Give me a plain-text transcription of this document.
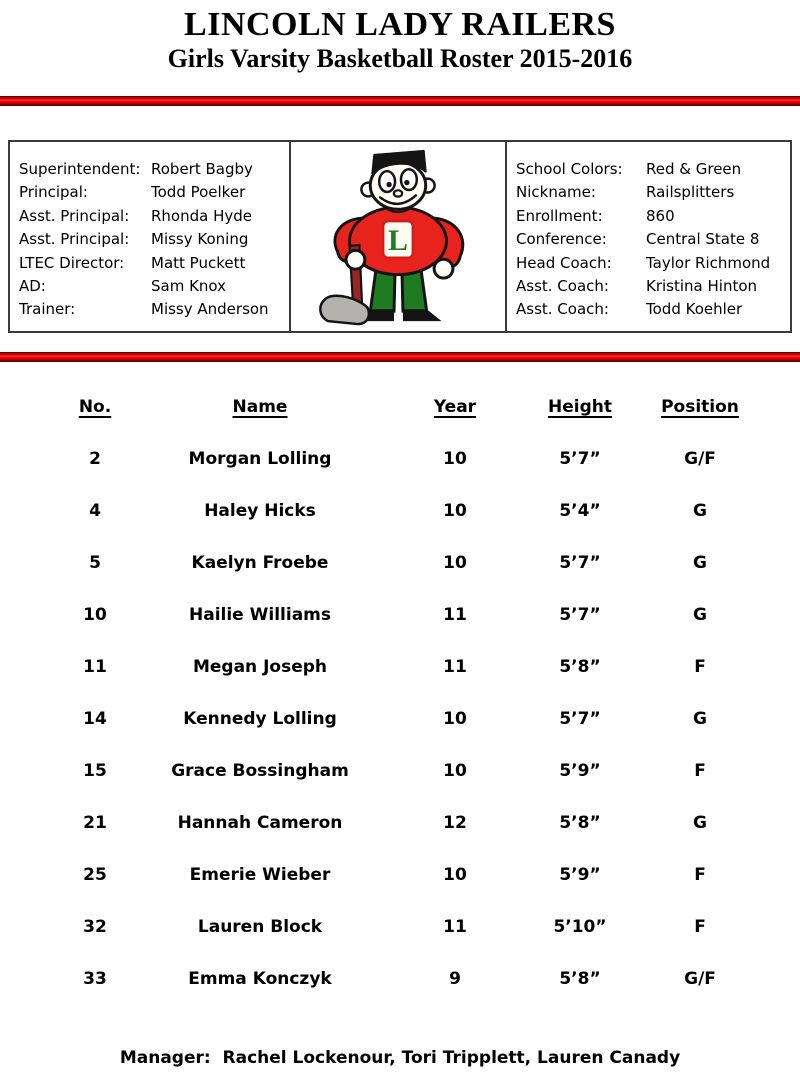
LINCOLN LADY RAILERS
Girls Varsity Basketball Roster 2015-2016
Superintendent: Robert Bagby
Principal:	Todd Poelker
Asst. Principal:	Rhonda Hyde
Asst. Principal:	Missy Koning
LTEC Director:	Matt Puckett
AD:	Sam Knox
Trainer:	Missy Anderson
L
School Colors:	Red & Green
Nickname:	Railsplitters
Enrollment:	860
Conference:	Central State 8
Head Coach:	Taylor Richmond
Asst. Coach:	Kristina Hinton
Asst. Coach:	Todd Koehler
No.	Name	Year	Height	Position
2	Morgan Lolling	10	5’7”	G/F
4	Haley Hicks	10	5’4”	G
5	Kaelyn Froebe	10	5’7”	G
10	Hailie Williams	11	5’7”	G
11	Megan Joseph	11	5’8”	F
14	Kennedy Lolling	10	5’7”	G
15	Grace Bossingham	10	5’9”	F
21	Hannah Cameron	12	5’8”	G
25	Emerie Wieber	10	5’9”	F
32	Lauren Block	11	5’10”	F
33	Emma Konczyk	9	5’8”	G/F
Manager:  Rachel Lockenour, Tori Tripplett, Lauren Canady
